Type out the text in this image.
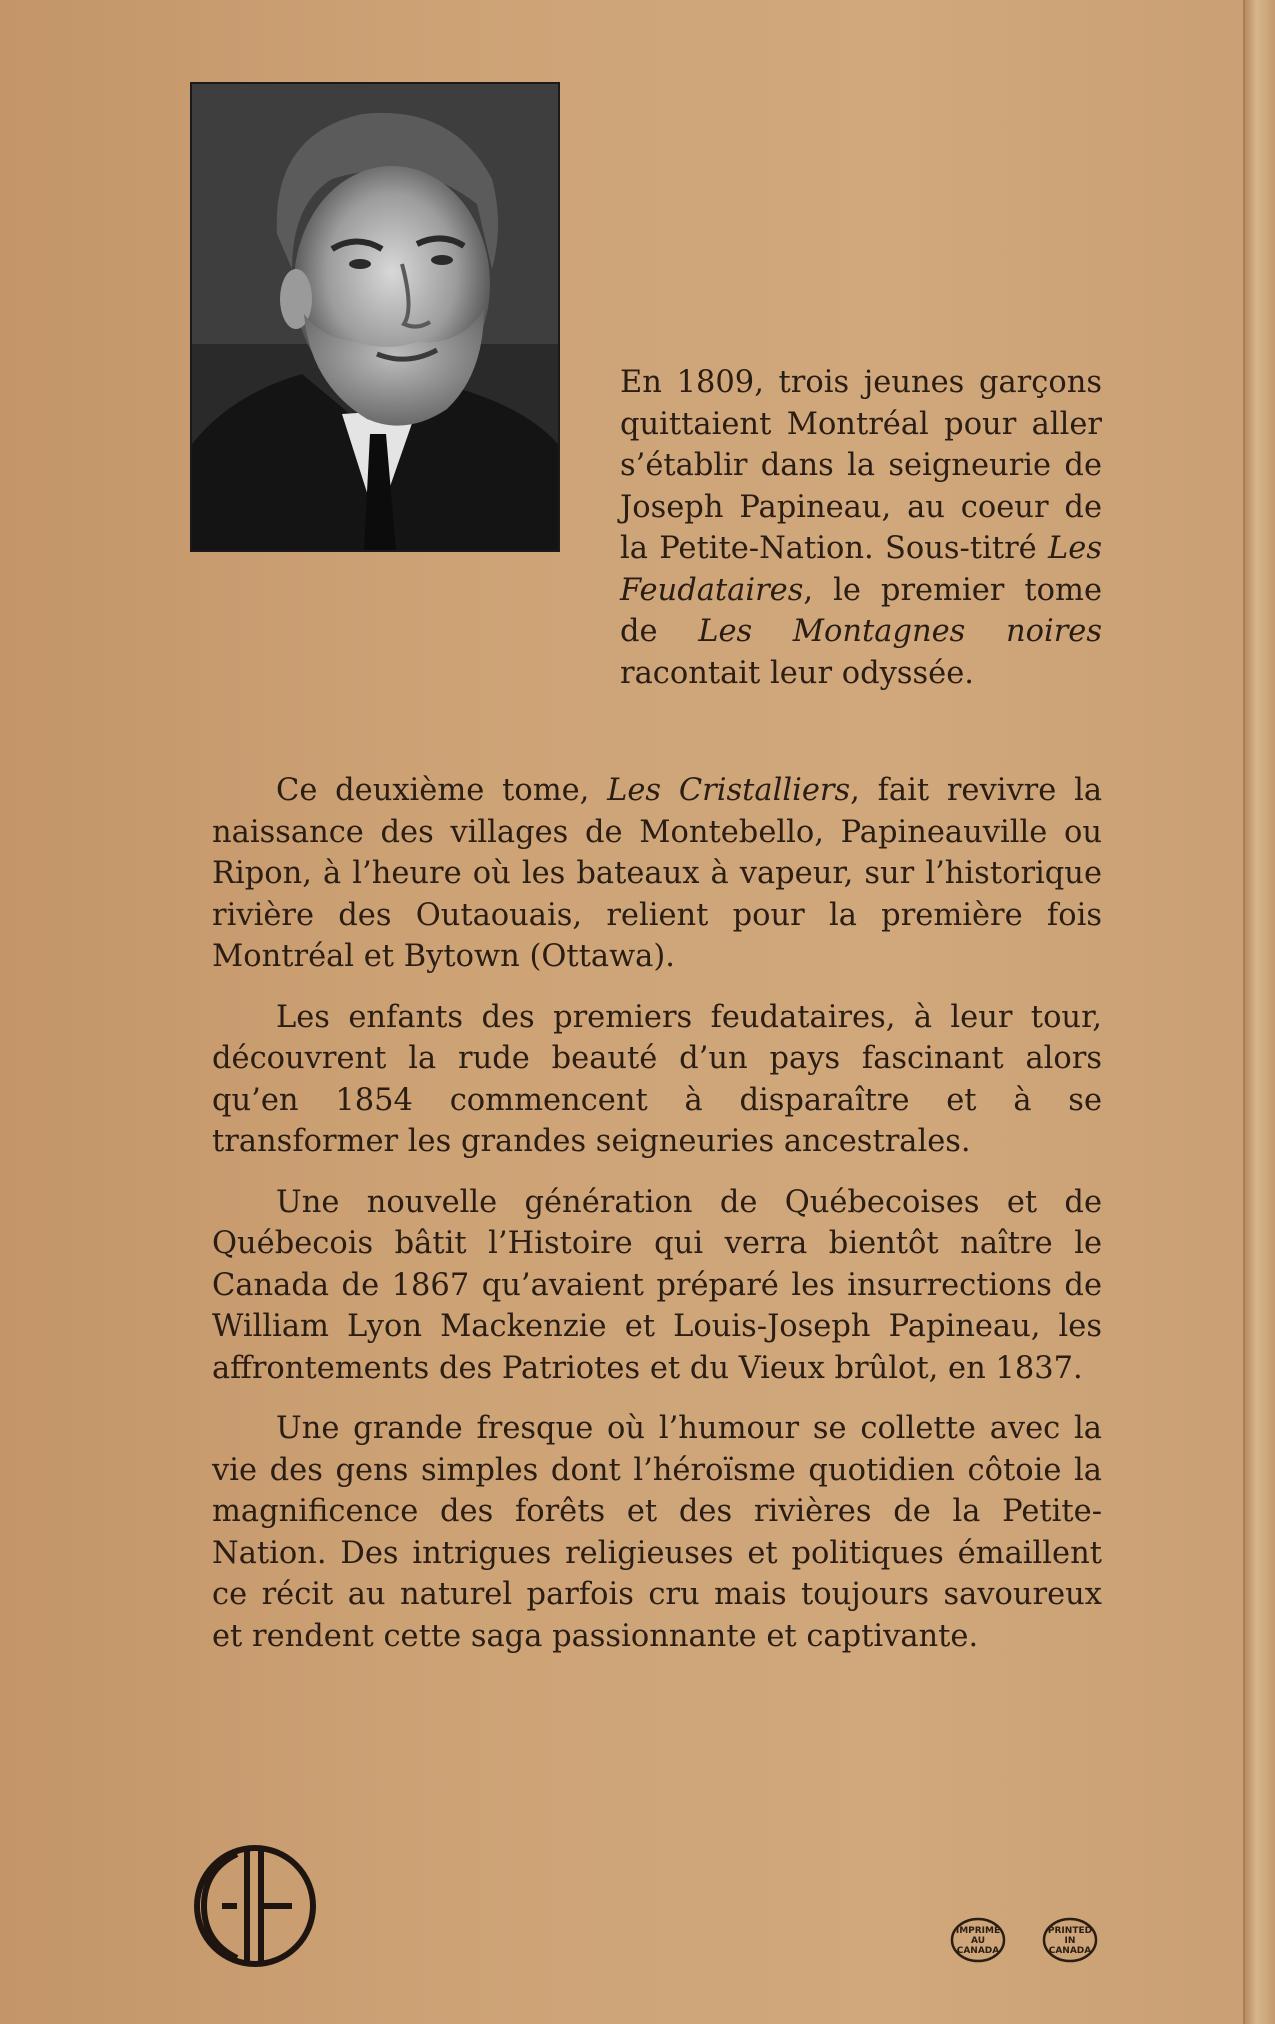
En 1809, trois jeunes garçons quittaient Montréal pour aller s’établir dans la seigneurie de Joseph Papineau, au coeur de la Petite-Nation. Sous-titré Les Feudataires, le premier tome de Les Montagnes noires racontait leur odyssée.

Ce deuxième tome, Les Cristalliers, fait revivre la naissance des villages de Montebello, Papineauville ou Ripon, à l’heure où les bateaux à vapeur, sur l’historique rivière des Outaouais, relient pour la première fois Montréal et Bytown (Ottawa).

Les enfants des premiers feudataires, à leur tour, découvrent la rude beauté d’un pays fascinant alors qu’en 1854 commencent à disparaître et à se transformer les grandes seigneuries ancestrales.

Une nouvelle génération de Québecoises et de Québecois bâtit l’Histoire qui verra bientôt naître le Canada de 1867 qu’avaient préparé les insurrections de William Lyon Mackenzie et Louis-Joseph Papineau, les affrontements des Patriotes et du Vieux brûlot, en 1837.

Une grande fresque où l’humour se collette avec la vie des gens simples dont l’héroïsme quotidien côtoie la magnificence des forêts et des rivières de la Petite-Nation. Des intrigues religieuses et politiques émaillent ce récit au naturel parfois cru mais toujours savoureux et rendent cette saga passionnante et captivante.

IMPRIMÉ
AU
CANADA
PRINTED
IN
CANADA
